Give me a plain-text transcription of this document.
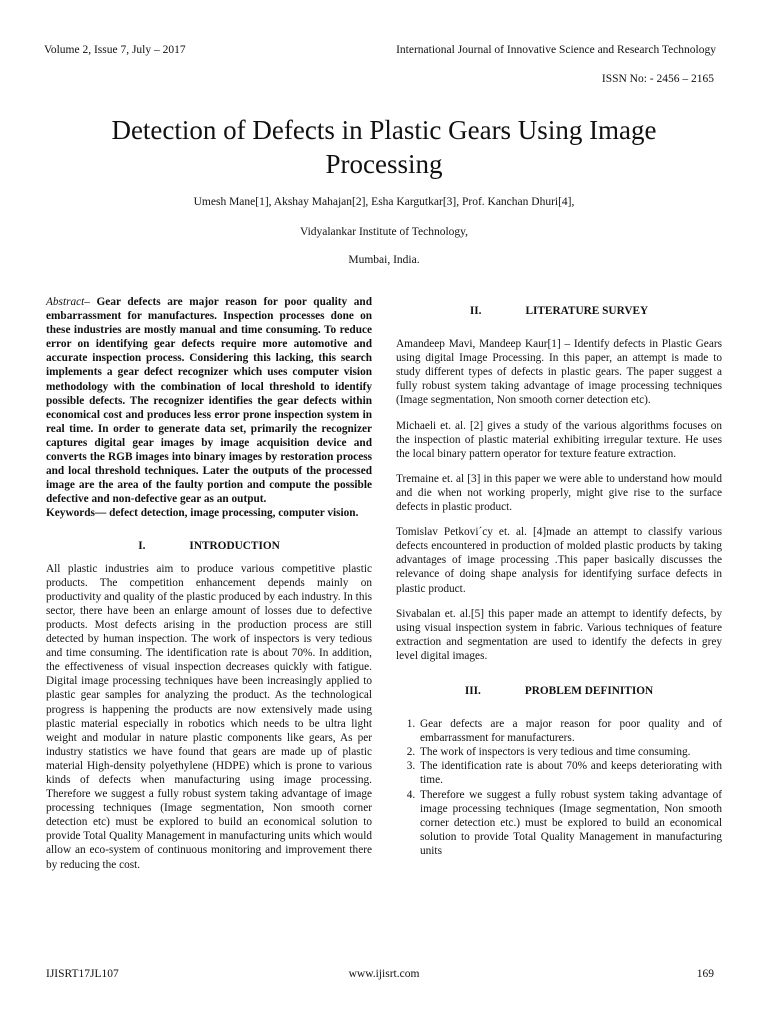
Volume 2, Issue 7, July – 2017	International Journal of Innovative Science and Research Technology
ISSN No: - 2456 – 2165
Detection of Defects in Plastic Gears Using Image Processing
Umesh Mane[1], Akshay Mahajan[2], Esha Kargutkar[3], Prof. Kanchan Dhuri[4],
Vidyalankar Institute of Technology,
Mumbai, India.

Abstract– Gear defects are major reason for poor quality and embarrassment for manufactures. Inspection processes done on these industries are mostly manual and time consuming. To reduce error on identifying gear defects require more automotive and accurate inspection process. Considering this lacking, this search implements a gear defect recognizer which uses computer vision methodology with the combination of local threshold to identify possible defects. The recognizer identifies the gear defects within economical cost and produces less error prone inspection system in real time. In order to generate data set, primarily the recognizer captures digital gear images by image acquisition device and converts the RGB images into binary images by restoration process and local threshold techniques. Later the outputs of the processed image are the area of the faulty portion and compute the possible defective and non-defective gear as an output.

Keywords— defect detection, image processing, computer vision.

I.	INTRODUCTION

All plastic industries aim to produce various competitive plastic products. The competition enhancement depends mainly on productivity and quality of the plastic produced by each industry. In this sector, there have been an enlarge amount of losses due to defective products. Most defects arising in the production process are still detected by human inspection. The work of inspectors is very tedious and time consuming. The identification rate is about 70%. In addition, the effectiveness of visual inspection decreases quickly with fatigue. Digital image processing techniques have been increasingly applied to plastic gear samples for analyzing the product. As the technological progress is happening the products are now extensively made using plastic material especially in robotics which needs to be ultra light weight and modular in nature plastic components like gears, As per industry statistics we have found that gears are made up of plastic material High-density polyethylene (HDPE) which is prone to various kinds of defects when manufacturing using image processing. Therefore we suggest a fully robust system taking advantage of image processing techniques (Image segmentation, Non smooth corner detection etc) must be explored to build an economical solution to provide Total Quality Management in manufacturing units which would allow an eco-system of continuous monitoring and improvement there by reducing the cost.

II.	LITERATURE SURVEY

Amandeep Mavi, Mandeep Kaur[1] – Identify defects in Plastic Gears using digital Image Processing. In this paper, an attempt is made to study different types of defects in plastic gears. The paper suggest a fully robust system taking advantage of image processing techniques (Image segmentation, Non smooth corner detection etc).

Michaeli et. al. [2] gives a study of the various algorithms focuses on the inspection of plastic material exhibiting irregular texture. He uses the local binary pattern operator for texture feature extraction.

Tremaine et. al [3] in this paper we were able to understand how mould and die when not working properly, might give rise to the surface defects in plastic product.

Tomislav Petkovi´cy et. al. [4]made an attempt to classify various defects encountered in production of molded plastic products by taking advantages of image processing .This paper basically discusses the relevance of doing shape analysis for identifying surface defects in plastic product.

Sivabalan et. al.[5] this paper made an attempt to identify defects, by using visual inspection system in fabric. Various techniques of feature extraction and segmentation are used to identify the defects in grey level digital images.

III.	PROBLEM DEFINITION

1. Gear defects are a major reason for poor quality and of embarrassment for manufacturers.
2. The work of inspectors is very tedious and time consuming.
3. The identification rate is about 70% and keeps deteriorating with time.
4. Therefore we suggest a fully robust system taking advantage of image processing techniques (Image segmentation, Non smooth corner detection etc.) must be explored to build an economical solution to provide Total Quality Management in manufacturing units
IJISRT17JL107	www.ijisrt.com	169
